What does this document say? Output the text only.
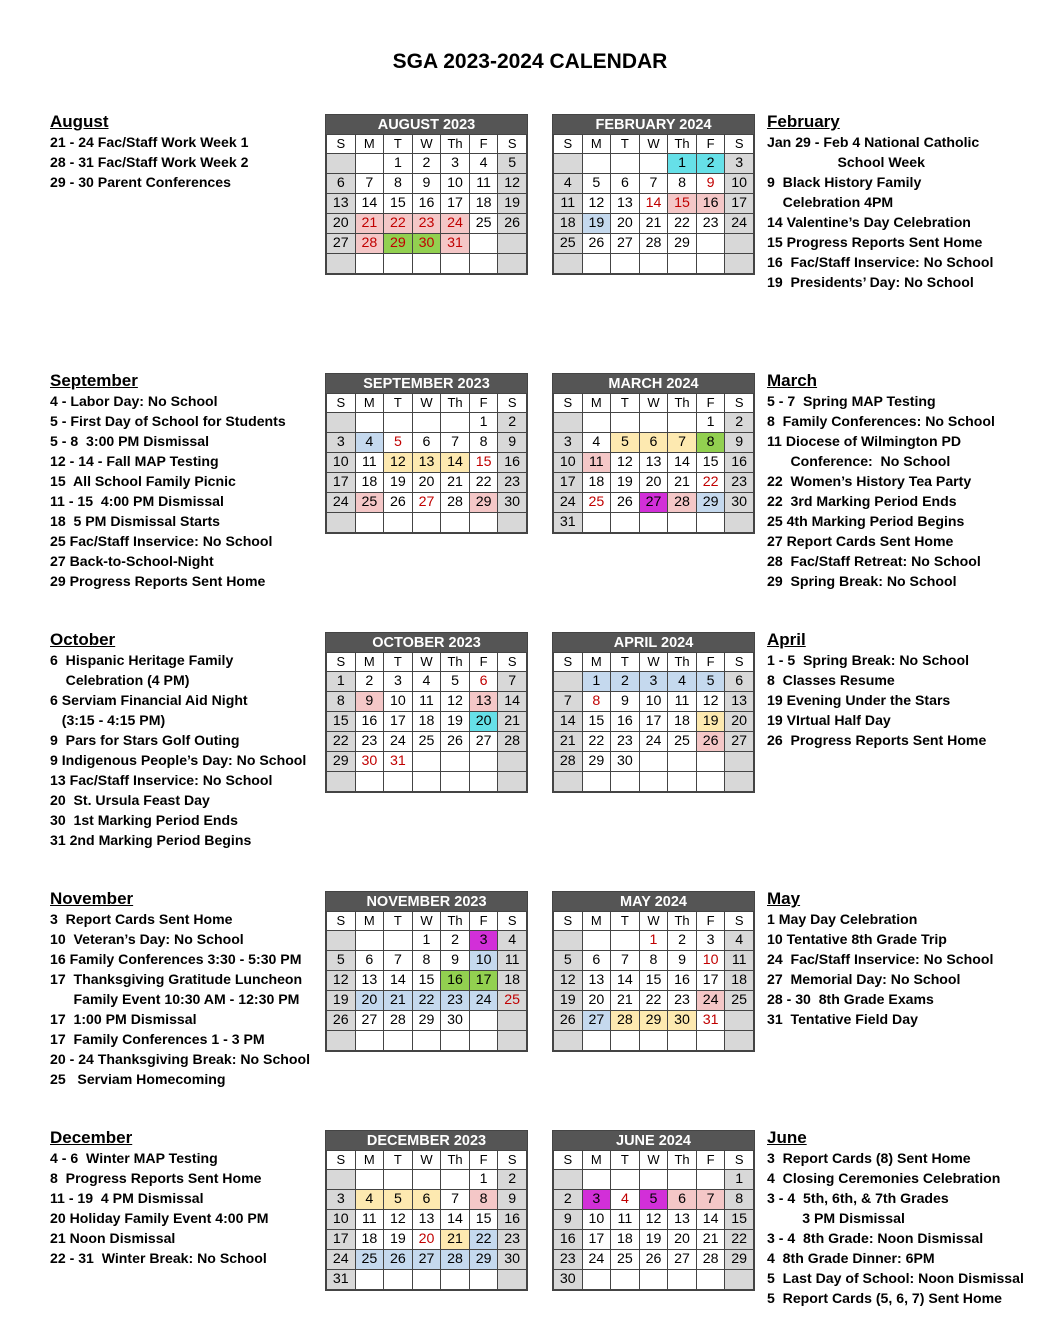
SGA 2023-2024 CALENDAR
August
21 - 24 Fac/Staff Work Week 1
28 - 31 Fac/Staff Work Week 2
29 - 30 Parent Conferences
September
4 - Labor Day: No School
5 - First Day of School for Students
5 - 8  3:00 PM Dismissal
12 - 14 - Fall MAP Testing
15  All School Family Picnic
11 - 15  4:00 PM Dismissal
18  5 PM Dismissal Starts
25 Fac/Staff Inservice: No School
27 Back-to-School-Night
29 Progress Reports Sent Home
October
6  Hispanic Heritage Family
Celebration (4 PM)
6 Serviam Financial Aid Night
(3:15 - 4:15 PM)
9  Pars for Stars Golf Outing
9 Indigenous People’s Day: No School
13 Fac/Staff Inservice: No School
20  St. Ursula Feast Day
30  1st Marking Period Ends
31 2nd Marking Period Begins
November
3  Report Cards Sent Home
10  Veteran’s Day: No School
16 Family Conferences 3:30 - 5:30 PM
17  Thanksgiving Gratitude Luncheon
Family Event 10:30 AM - 12:30 PM
17  1:00 PM Dismissal
17  Family Conferences 1 - 3 PM
20 - 24 Thanksgiving Break: No School
25   Serviam Homecoming
December
4 - 6  Winter MAP Testing
8  Progress Reports Sent Home
11 - 19  4 PM Dismissal
20 Holiday Family Event 4:00 PM
21 Noon Dismissal
22 - 31  Winter Break: No School
February
Jan 29 - Feb 4 National Catholic
School Week
9  Black History Family
Celebration 4PM
14 Valentine’s Day Celebration
15 Progress Reports Sent Home
16  Fac/Staff Inservice: No School
19  Presidents’ Day: No School
March
5 - 7  Spring MAP Testing
8  Family Conferences: No School
11 Diocese of Wilmington PD
Conference:  No School
22  Women’s History Tea Party
22  3rd Marking Period Ends
25 4th Marking Period Begins
27 Report Cards Sent Home
28  Fac/Staff Retreat: No School
29  Spring Break: No School
April
1 - 5  Spring Break: No School
8  Classes Resume
19 Evening Under the Stars
19 VIrtual Half Day
26  Progress Reports Sent Home
May
1 May Day Celebration
10 Tentative 8th Grade Trip
24  Fac/Staff Inservice: No School
27  Memorial Day: No School
28 - 30  8th Grade Exams
31  Tentative Field Day
June
3  Report Cards (8) Sent Home
4  Closing Ceremonies Celebration
3 - 4  5th, 6th, & 7th Grades
3 PM Dismissal
3 - 4  8th Grade: Noon Dismissal
4  8th Grade Dinner: 6PM
5  Last Day of School: Noon Dismissal
5  Report Cards (5, 6, 7) Sent Home
AUGUST 2023
S	M	T	W	Th	F	S
		1	2	3	4	5
6	7	8	9	10	11	12
13	14	15	16	17	18	19
20	21	22	23	24	25	26
27	28	29	30	31		

FEBRUARY 2024
S	M	T	W	Th	F	S
				1	2	3
4	5	6	7	8	9	10
11	12	13	14	15	16	17
18	19	20	21	22	23	24
25	26	27	28	29		

SEPTEMBER 2023
S	M	T	W	Th	F	S
					1	2
3	4	5	6	7	8	9
10	11	12	13	14	15	16
17	18	19	20	21	22	23
24	25	26	27	28	29	30

MARCH 2024
S	M	T	W	Th	F	S
					1	2
3	4	5	6	7	8	9
10	11	12	13	14	15	16
17	18	19	20	21	22	23
24	25	26	27	28	29	30
31						
OCTOBER 2023
S	M	T	W	Th	F	S
1	2	3	4	5	6	7
8	9	10	11	12	13	14
15	16	17	18	19	20	21
22	23	24	25	26	27	28
29	30	31				

APRIL 2024
S	M	T	W	Th	F	S
	1	2	3	4	5	6
7	8	9	10	11	12	13
14	15	16	17	18	19	20
21	22	23	24	25	26	27
28	29	30				

NOVEMBER 2023
S	M	T	W	Th	F	S
			1	2	3	4
5	6	7	8	9	10	11
12	13	14	15	16	17	18
19	20	21	22	23	24	25
26	27	28	29	30		

MAY 2024
S	M	T	W	Th	F	S
			1	2	3	4
5	6	7	8	9	10	11
12	13	14	15	16	17	18
19	20	21	22	23	24	25
26	27	28	29	30	31	

DECEMBER 2023
S	M	T	W	Th	F	S
					1	2
3	4	5	6	7	8	9
10	11	12	13	14	15	16
17	18	19	20	21	22	23
24	25	26	27	28	29	30
31						
JUNE 2024
S	M	T	W	Th	F	S
						1
2	3	4	5	6	7	8
9	10	11	12	13	14	15
16	17	18	19	20	21	22
23	24	25	26	27	28	29
30						
